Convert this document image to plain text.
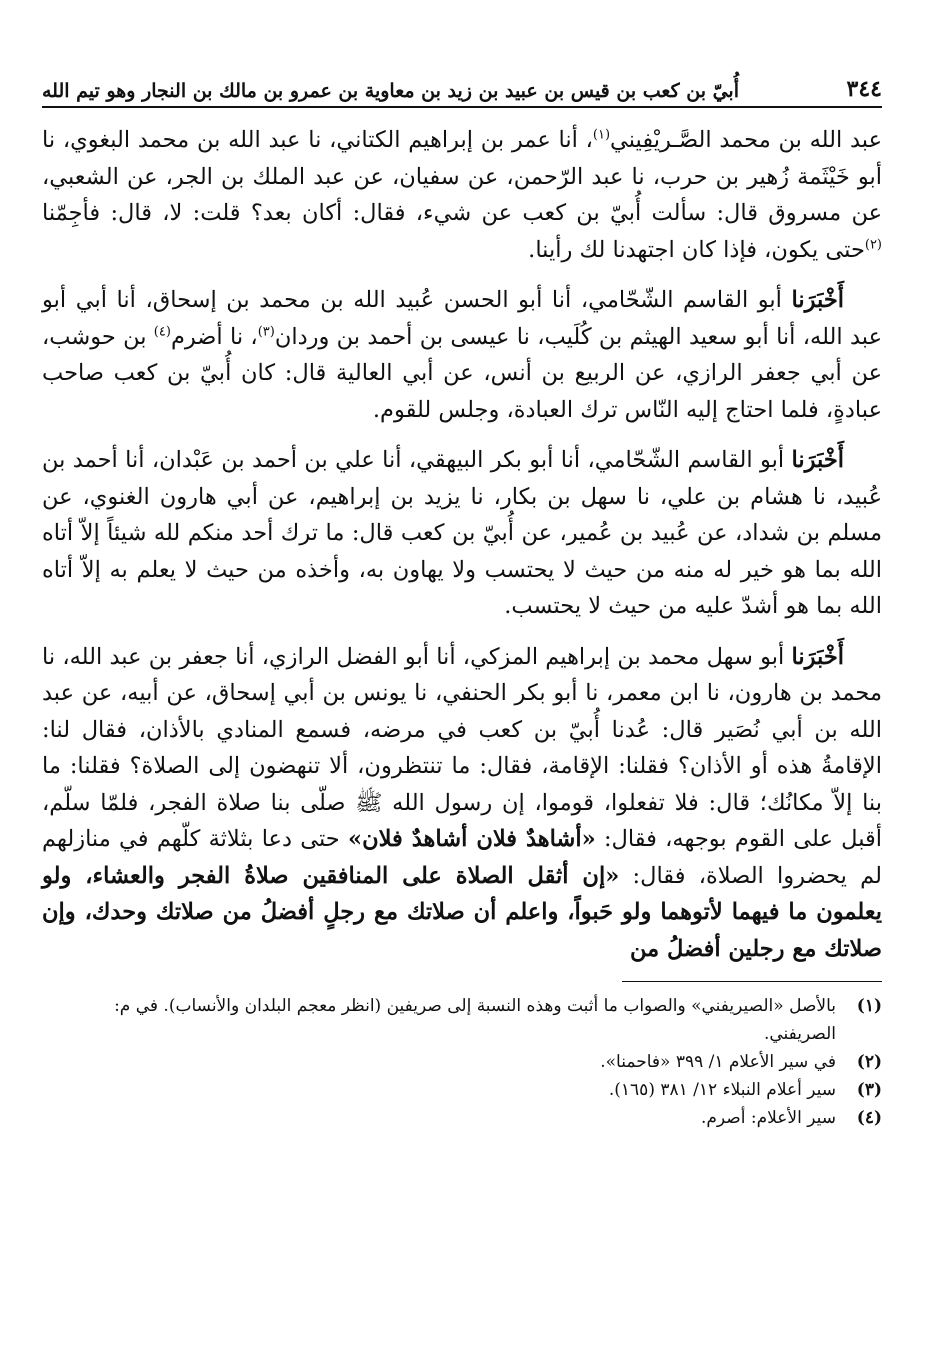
٣٤٤
أُبيّ بن كعب بن قيس بن عبيد بن زيد بن معاوية بن عمرو بن مالك بن النجار وهو تيم الله

عبد الله بن محمد الصَّـريْفِيني$^{(١)}$، أنا عمر بن إبراهيم الكتاني، نا عبد الله بن محمد البغوي، نا أبو خَيْثَمة زُهير بن حرب، نا عبد الرّحمن، عن سفيان، عن عبد الملك بن الجر، عن الشعبي، عن مسروق قال: سألت أُبيّ بن كعب عن شيء، فقال: أكان بعد؟ قلت: لا، قال: فأجِمّنا $^{(٢)}$حتى يكون، فإذا كان اجتهدنا لك رأينا.

أَخْبَرَنا أبو القاسم الشّحّامي، أنا أبو الحسن عُبيد الله بن محمد بن إسحاق، أنا أبي أبو عبد الله، أنا أبو سعيد الهيثم بن كُلَيب، نا عيسى بن أحمد بن وردان$^{(٣)}$، نا أضرم$^{(٤)}$ بن حوشب، عن أبي جعفر الرازي، عن الربيع بن أنس، عن أبي العالية قال: كان أُبيّ بن كعب صاحب عبادةٍ، فلما احتاج إليه النّاس ترك العبادة، وجلس للقوم.

أَخْبَرَنا أبو القاسم الشّحّامي، أنا أبو بكر البيهقي، أنا علي بن أحمد بن عَبْدان، أنا أحمد بن عُبيد، نا هشام بن علي، نا سهل بن بكار، نا يزيد بن إبراهيم، عن أبي هارون الغنوي، عن مسلم بن شداد، عن عُبيد بن عُمير، عن أُبيّ بن كعب قال: ما ترك أحد منكم لله شيئاً إلاّ أتاه الله بما هو خير له منه من حيث لا يحتسب ولا يهاون به، وأخذه من حيث لا يعلم به إلاّ أتاه الله بما هو أشدّ عليه من حيث لا يحتسب.

أَخْبَرَنا أبو سهل محمد بن إبراهيم المزكي، أنا أبو الفضل الرازي، أنا جعفر بن عبد الله، نا محمد بن هارون، نا ابن معمر، نا أبو بكر الحنفي، نا يونس بن أبي إسحاق، عن أبيه، عن عبد الله بن أبي نُصَير قال: عُدنا أُبيّ بن كعب في مرضه، فسمع المنادي بالأذان، فقال لنا: الإقامةُ هذه أو الأذان؟ فقلنا: الإقامة، فقال: ما تنتظرون، ألا تنهضون إلى الصلاة؟ فقلنا: ما بنا إلاّ مكانُك؛ قال: فلا تفعلوا، قوموا، إن رسول الله ﷺ صلّى بنا صلاة الفجر، فلمّا سلّم، أقبل على القوم بوجهه، فقال: «أشاهدٌ فلان أشاهدٌ فلان» حتى دعا بثلاثة كلّهم في منازلهم لم يحضروا الصلاة، فقال: «إن أثقل الصلاة على المنافقين صلاةُ الفجر والعشاء، ولو يعلمون ما فيهما لأتوهما ولو حَبواً، واعلم أن صلاتك مع رجلٍ أفضلُ من صلاتك وحدك، وإن صلاتك مع رجلين أفضلُ من

(١)
بالأصل «الصيريفني» والصواب ما أثبت وهذه النسبة إلى صريفين (انظر معجم البلدان والأنساب). في م: الصريفني.
(٢)
في سير الأعلام ١/ ٣٩٩ «فاحمنا».
(٣)
سير أعلام النبلاء ١٢/ ٣٨١ (١٦٥).
(٤)
سير الأعلام: أصرم.
